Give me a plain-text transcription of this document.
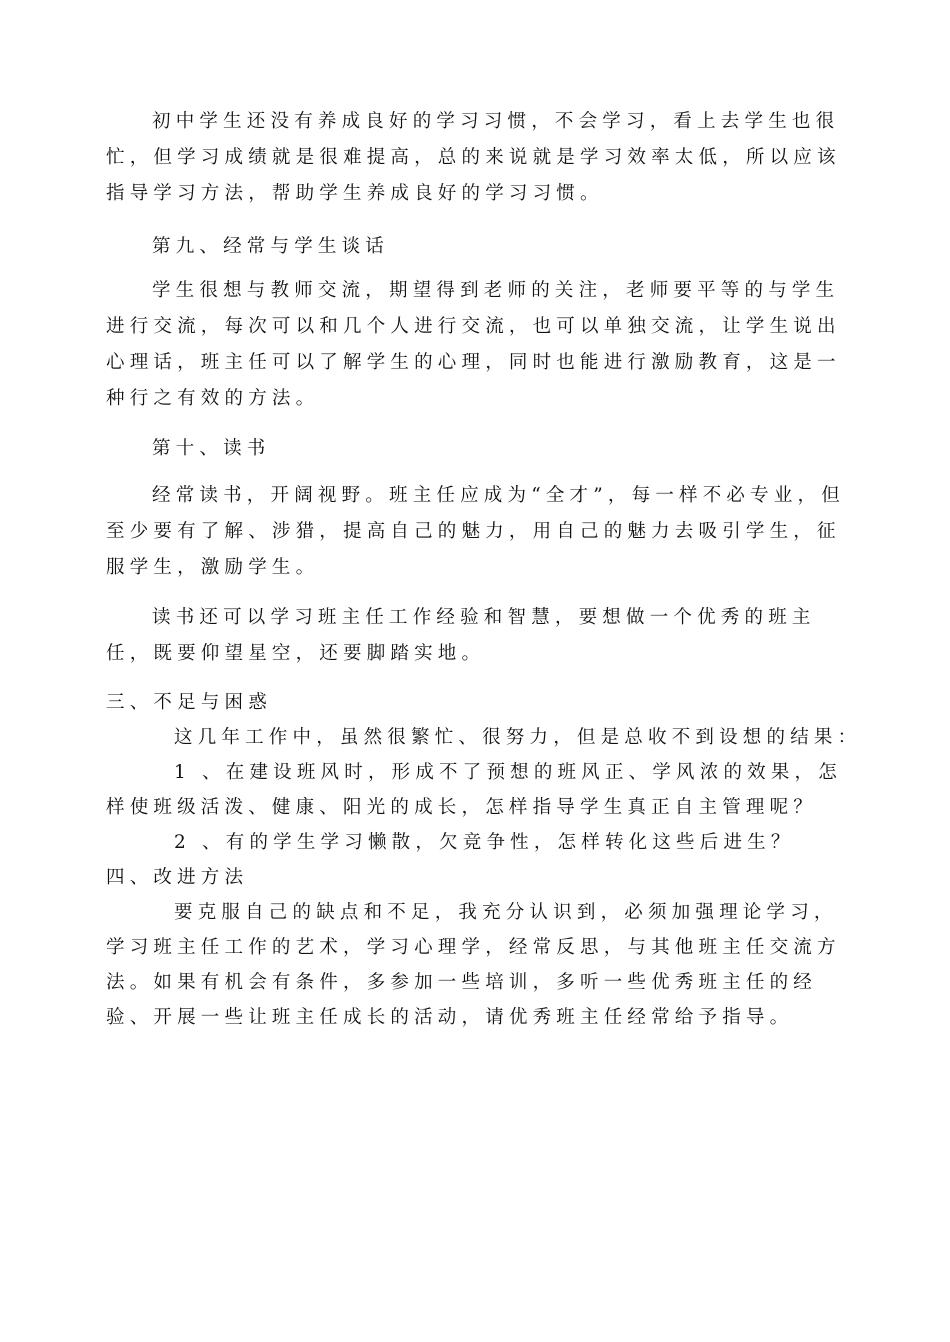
初中学生还没有养成良好的学习习惯，不会学习，看上去学生也很忙，但学习成绩就是很难提高，总的来说就是学习效率太低，所以应该指导学习方法，帮助学生养成良好的学习习惯。

第九、经常与学生谈话

学生很想与教师交流，期望得到老师的关注，老师要平等的与学生进行交流，每次可以和几个人进行交流，也可以单独交流，让学生说出心理话，班主任可以了解学生的心理，同时也能进行激励教育，这是一种行之有效的方法。

第十、读书

经常读书，开阔视野。班主任应成为“全才”，每一样不必专业，但至少要有了解、涉猎，提高自己的魅力，用自己的魅力去吸引学生，征服学生，激励学生。

读书还可以学习班主任工作经验和智慧，要想做一个优秀的班主任，既要仰望星空，还要脚踏实地。

三、不足与困惑

这几年工作中，虽然很繁忙、很努力，但是总收不到设想的结果：

1 、在建设班风时，形成不了预想的班风正、学风浓的效果，怎样使班级活泼、健康、阳光的成长，怎样指导学生真正自主管理呢？

2 、有的学生学习懒散，欠竞争性，怎样转化这些后进生？

四、改进方法

要克服自己的缺点和不足，我充分认识到，必须加强理论学习，学习班主任工作的艺术，学习心理学，经常反思，与其他班主任交流方法。如果有机会有条件，多参加一些培训，多听一些优秀班主任的经验、开展一些让班主任成长的活动，请优秀班主任经常给予指导。
